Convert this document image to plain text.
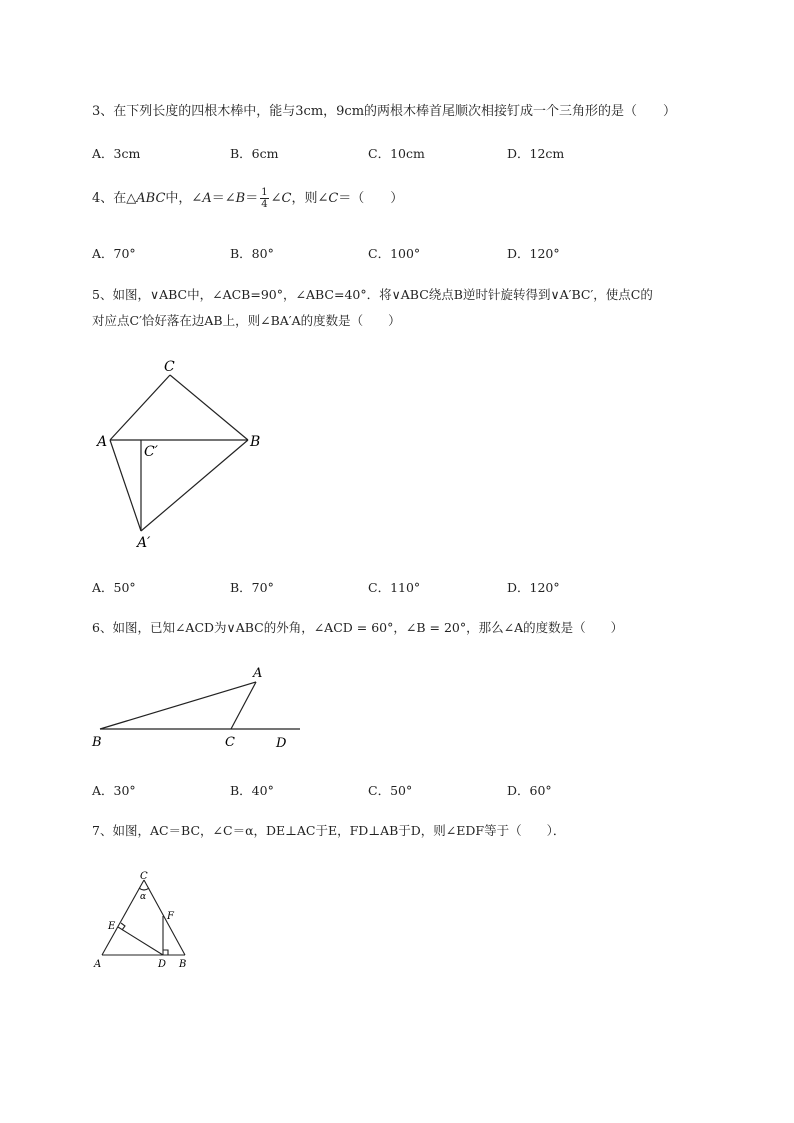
3、在下列长度的四根木棒中，能与3cm，9cm的两根木棒首尾顺次相接钉成一个三角形的是（　　）
A．3cm	B．6cm	C．10cm	D．12cm
4、在△ABC中，∠A＝∠B＝ $\frac{1}{4}$ ∠C，则∠C＝（　　）
A．70°	B．80°	C．100°	D．120°
5、如图，∨ABC中，∠ACB=90°，∠ABC=40°．将∨ABC绕点B逆时针旋转得到∨A′BC′，使点C的
对应点C′恰好落在边AB上，则∠BA′A的度数是（　　）
C
A	B
C′
A′
A．50°	B．70°	C．110°	D．120°
6、如图，已知∠ACD为∨ABC的外角，∠ACD = 60°，∠B = 20°，那么∠A的度数是（　　）
A
B	C	D
A．30°	B．40°	C．50°	D．60°
7、如图，AC＝BC，∠C＝α，DE⊥AC于E，FD⊥AB于D，则∠EDF等于（　　）．
C
α
F
E
A	D B
